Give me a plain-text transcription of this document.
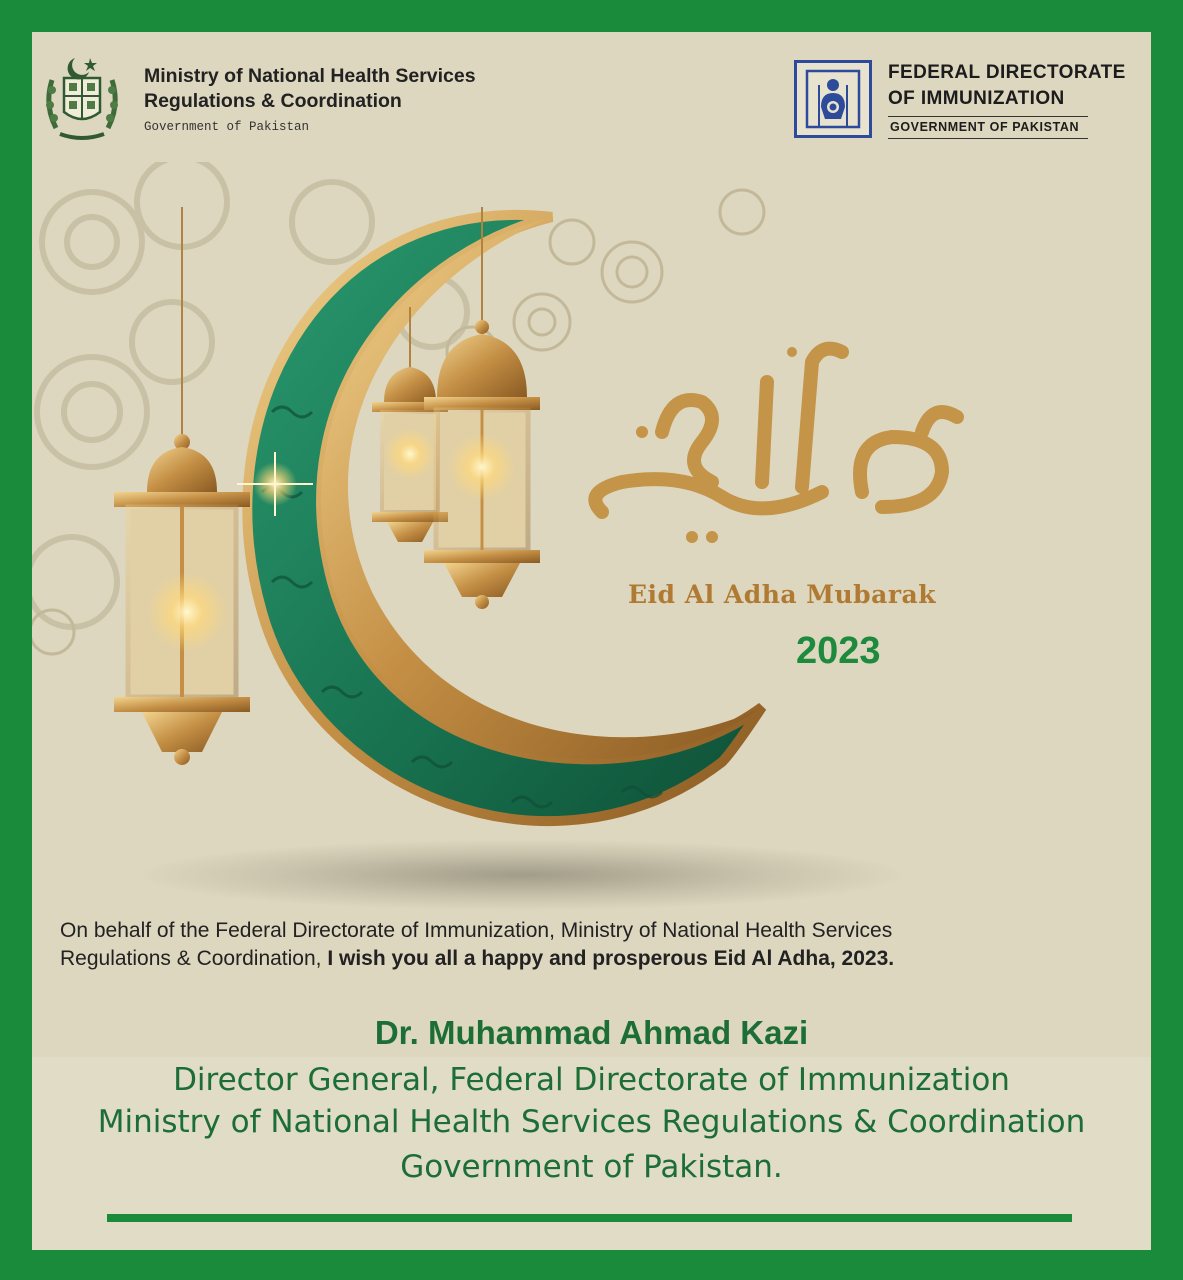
Ministry of National Health Services
Regulations & Coordination
Government of Pakistan
FEDERAL DIRECTORATE
OF IMMUNIZATION
GOVERNMENT OF PAKISTAN
Eid Al Adha Mubarak
2023
On behalf of the Federal Directorate of Immunization, Ministry of National Health Services
Regulations & Coordination, I wish you all a happy and prosperous Eid Al Adha, 2023.
Dr. Muhammad Ahmad Kazi
Director General, Federal Directorate of Immunization
Ministry of National Health Services Regulations & Coordination
Government of Pakistan.
